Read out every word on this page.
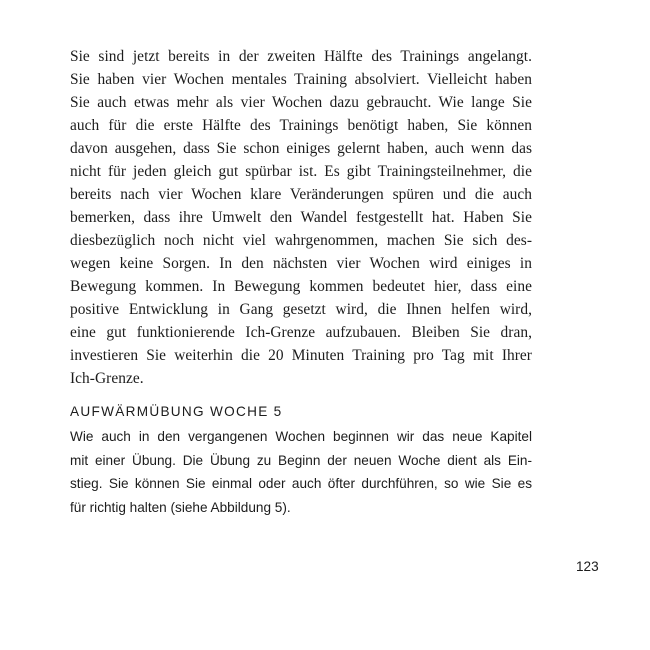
Sie sind jetzt bereits in der zweiten Hälfte des Trainings angelangt.
Sie haben vier Wochen mentales Training absolviert. Vielleicht haben
Sie auch etwas mehr als vier Wochen dazu gebraucht. Wie lange Sie
auch für die erste Hälfte des Trainings benötigt haben, Sie können
davon ausgehen, dass Sie schon einiges gelernt haben, auch wenn das
nicht für jeden gleich gut spürbar ist. Es gibt Trainingsteilnehmer, die
bereits nach vier Wochen klare Veränderungen spüren und die auch
bemerken, dass ihre Umwelt den Wandel festgestellt hat. Haben Sie
diesbezüglich noch nicht viel wahrgenommen, machen Sie sich des-
wegen keine Sorgen. In den nächsten vier Wochen wird einiges in
Bewegung kommen. In Bewegung kommen bedeutet hier, dass eine
positive Entwicklung in Gang gesetzt wird, die Ihnen helfen wird,
eine gut funktionierende Ich-Grenze aufzubauen. Bleiben Sie dran,
investieren Sie weiterhin die 20 Minuten Training pro Tag mit Ihrer
Ich-Grenze.
AUFWÄRMÜBUNG WOCHE 5
Wie auch in den vergangenen Wochen beginnen wir das neue Kapitel
mit einer Übung. Die Übung zu Beginn der neuen Woche dient als Ein-
stieg. Sie können Sie einmal oder auch öfter durchführen, so wie Sie es
für richtig halten (siehe Abbildung 5).
123
